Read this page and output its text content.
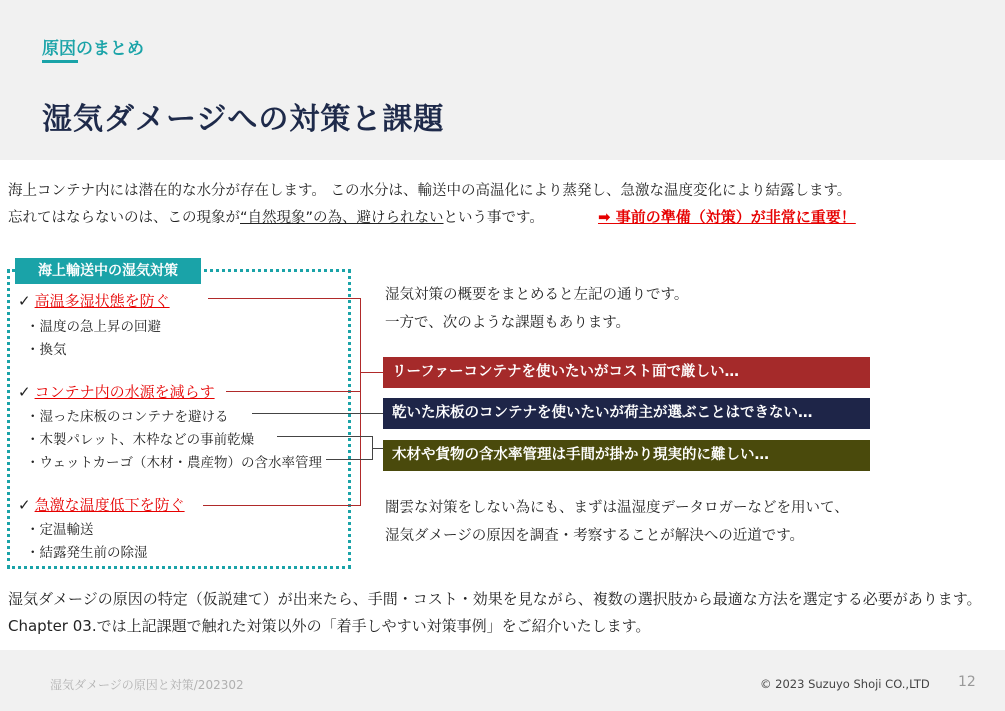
原因のまとめ
湿気ダメージへの対策と課題
海上コンテナ内には潜在的な水分が存在します。 この水分は、輸送中の高温化により蒸発し、急激な温度変化により結露します。
忘れてはならないのは、この現象が“自然現象”の為、避けられないという事です。	➡ 事前の準備（対策）が非常に重要！
海上輸送中の湿気対策
✓ 高温多湿状態を防ぐ
・温度の急上昇の回避
・換気
✓ コンテナ内の水源を減らす
・湿った床板のコンテナを避ける
・木製パレット、木枠などの事前乾燥
・ウェットカーゴ（木材・農産物）の含水率管理
✓ 急激な温度低下を防ぐ
・定温輸送
・結露発生前の除湿
湿気対策の概要をまとめると左記の通りです。
一方で、次のような課題もあります。
リーファーコンテナを使いたいがコスト面で厳しい…
乾いた床板のコンテナを使いたいが荷主が選ぶことはできない…
木材や貨物の含水率管理は手間が掛かり現実的に難しい…
闇雲な対策をしない為にも、まずは温湿度データロガーなどを用いて、
湿気ダメージの原因を調査・考察することが解決への近道です。
湿気ダメージの原因の特定（仮説建て）が出来たら、手間・コスト・効果を見ながら、複数の選択肢から最適な方法を選定する必要があります。
Chapter 03.では上記課題で触れた対策以外の「着手しやすい対策事例」をご紹介いたします。
湿気ダメージの原因と対策/202302	© 2023 Suzuyo Shoji CO.,LTD 12
